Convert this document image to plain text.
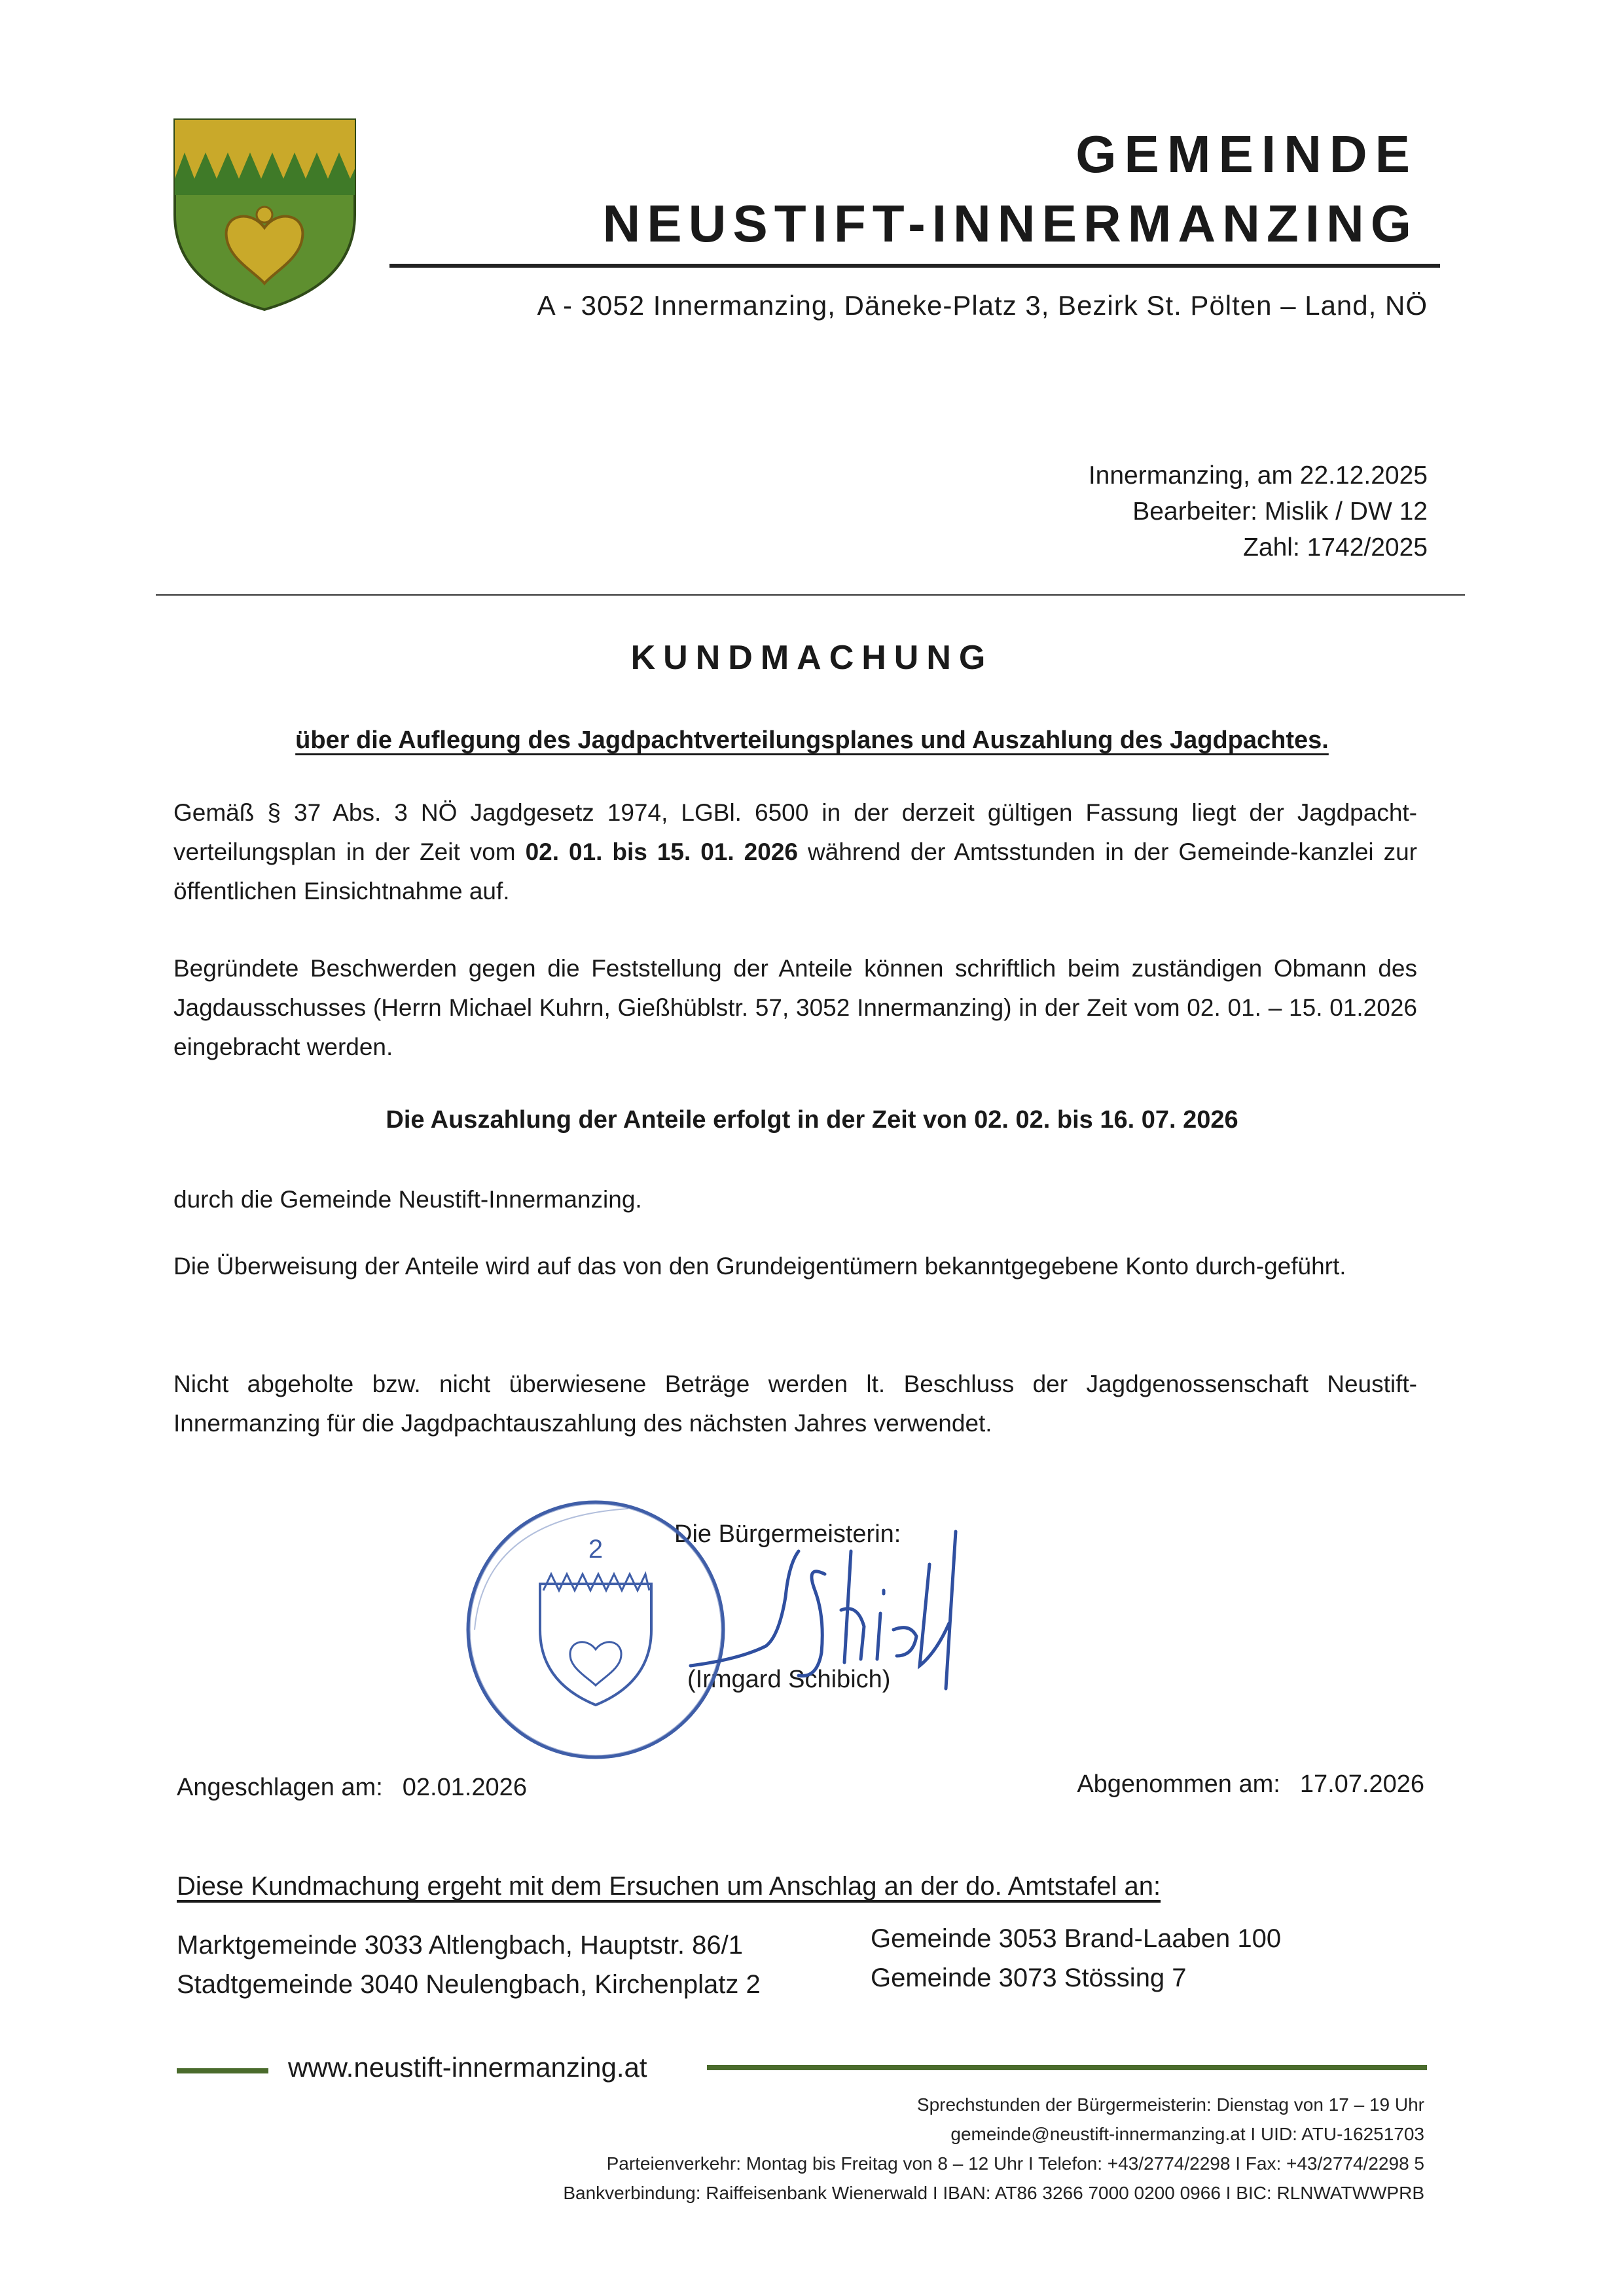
GEMEINDE
NEUSTIFT-INNERMANZING
A - 3052 Innermanzing, Däneke-Platz 3, Bezirk St. Pölten – Land, NÖ
Innermanzing, am 22.12.2025
Bearbeiter: Mislik / DW 12
Zahl: 1742/2025
KUNDMACHUNG
über die Auflegung des Jagdpachtverteilungsplanes und Auszahlung des Jagdpachtes.
Gemäß § 37 Abs. 3 NÖ Jagdgesetz 1974, LGBl. 6500 in der derzeit gültigen Fassung liegt der Jagdpacht-verteilungsplan in der Zeit vom 02. 01. bis 15. 01. 2026 während der Amtsstunden in der Gemeinde-kanzlei zur öffentlichen Einsichtnahme auf.
Begründete Beschwerden gegen die Feststellung der Anteile können schriftlich beim zuständigen Obmann des Jagdausschusses (Herrn Michael Kuhrn, Gießhüblstr. 57, 3052 Innermanzing) in der Zeit vom 02. 01. – 15. 01.2026 eingebracht werden.
Die Auszahlung der Anteile erfolgt in der Zeit von 02. 02. bis 16. 07. 2026
durch die Gemeinde Neustift-Innermanzing.
Die Überweisung der Anteile wird auf das von den Grundeigentümern bekanntgegebene Konto durch-geführt.
Nicht abgeholte bzw. nicht überwiesene Beträge werden lt. Beschluss der Jagdgenossenschaft Neustift-Innermanzing für die Jagdpachtauszahlung des nächsten Jahres verwendet.
Die Bürgermeisterin:
(Irmgard Schibich)
2
Angeschlagen am: 02.01.2026	Abgenommen am: 17.07.2026
Diese Kundmachung ergeht mit dem Ersuchen um Anschlag an der do. Amtstafel an:
Marktgemeinde 3033 Altlengbach, Hauptstr. 86/1
Stadtgemeinde 3040 Neulengbach, Kirchenplatz 2
Gemeinde 3053 Brand-Laaben 100
Gemeinde 3073 Stössing 7
www.neustift-innermanzing.at
Sprechstunden der Bürgermeisterin: Dienstag von 17 – 19 Uhr
gemeinde@neustift-innermanzing.at I UID: ATU-16251703
Parteienverkehr: Montag bis Freitag von 8 – 12 Uhr I Telefon: +43/2774/2298 I Fax: +43/2774/2298 5
Bankverbindung: Raiffeisenbank Wienerwald I IBAN: AT86 3266 7000 0200 0966 I BIC: RLNWATWWPRB
